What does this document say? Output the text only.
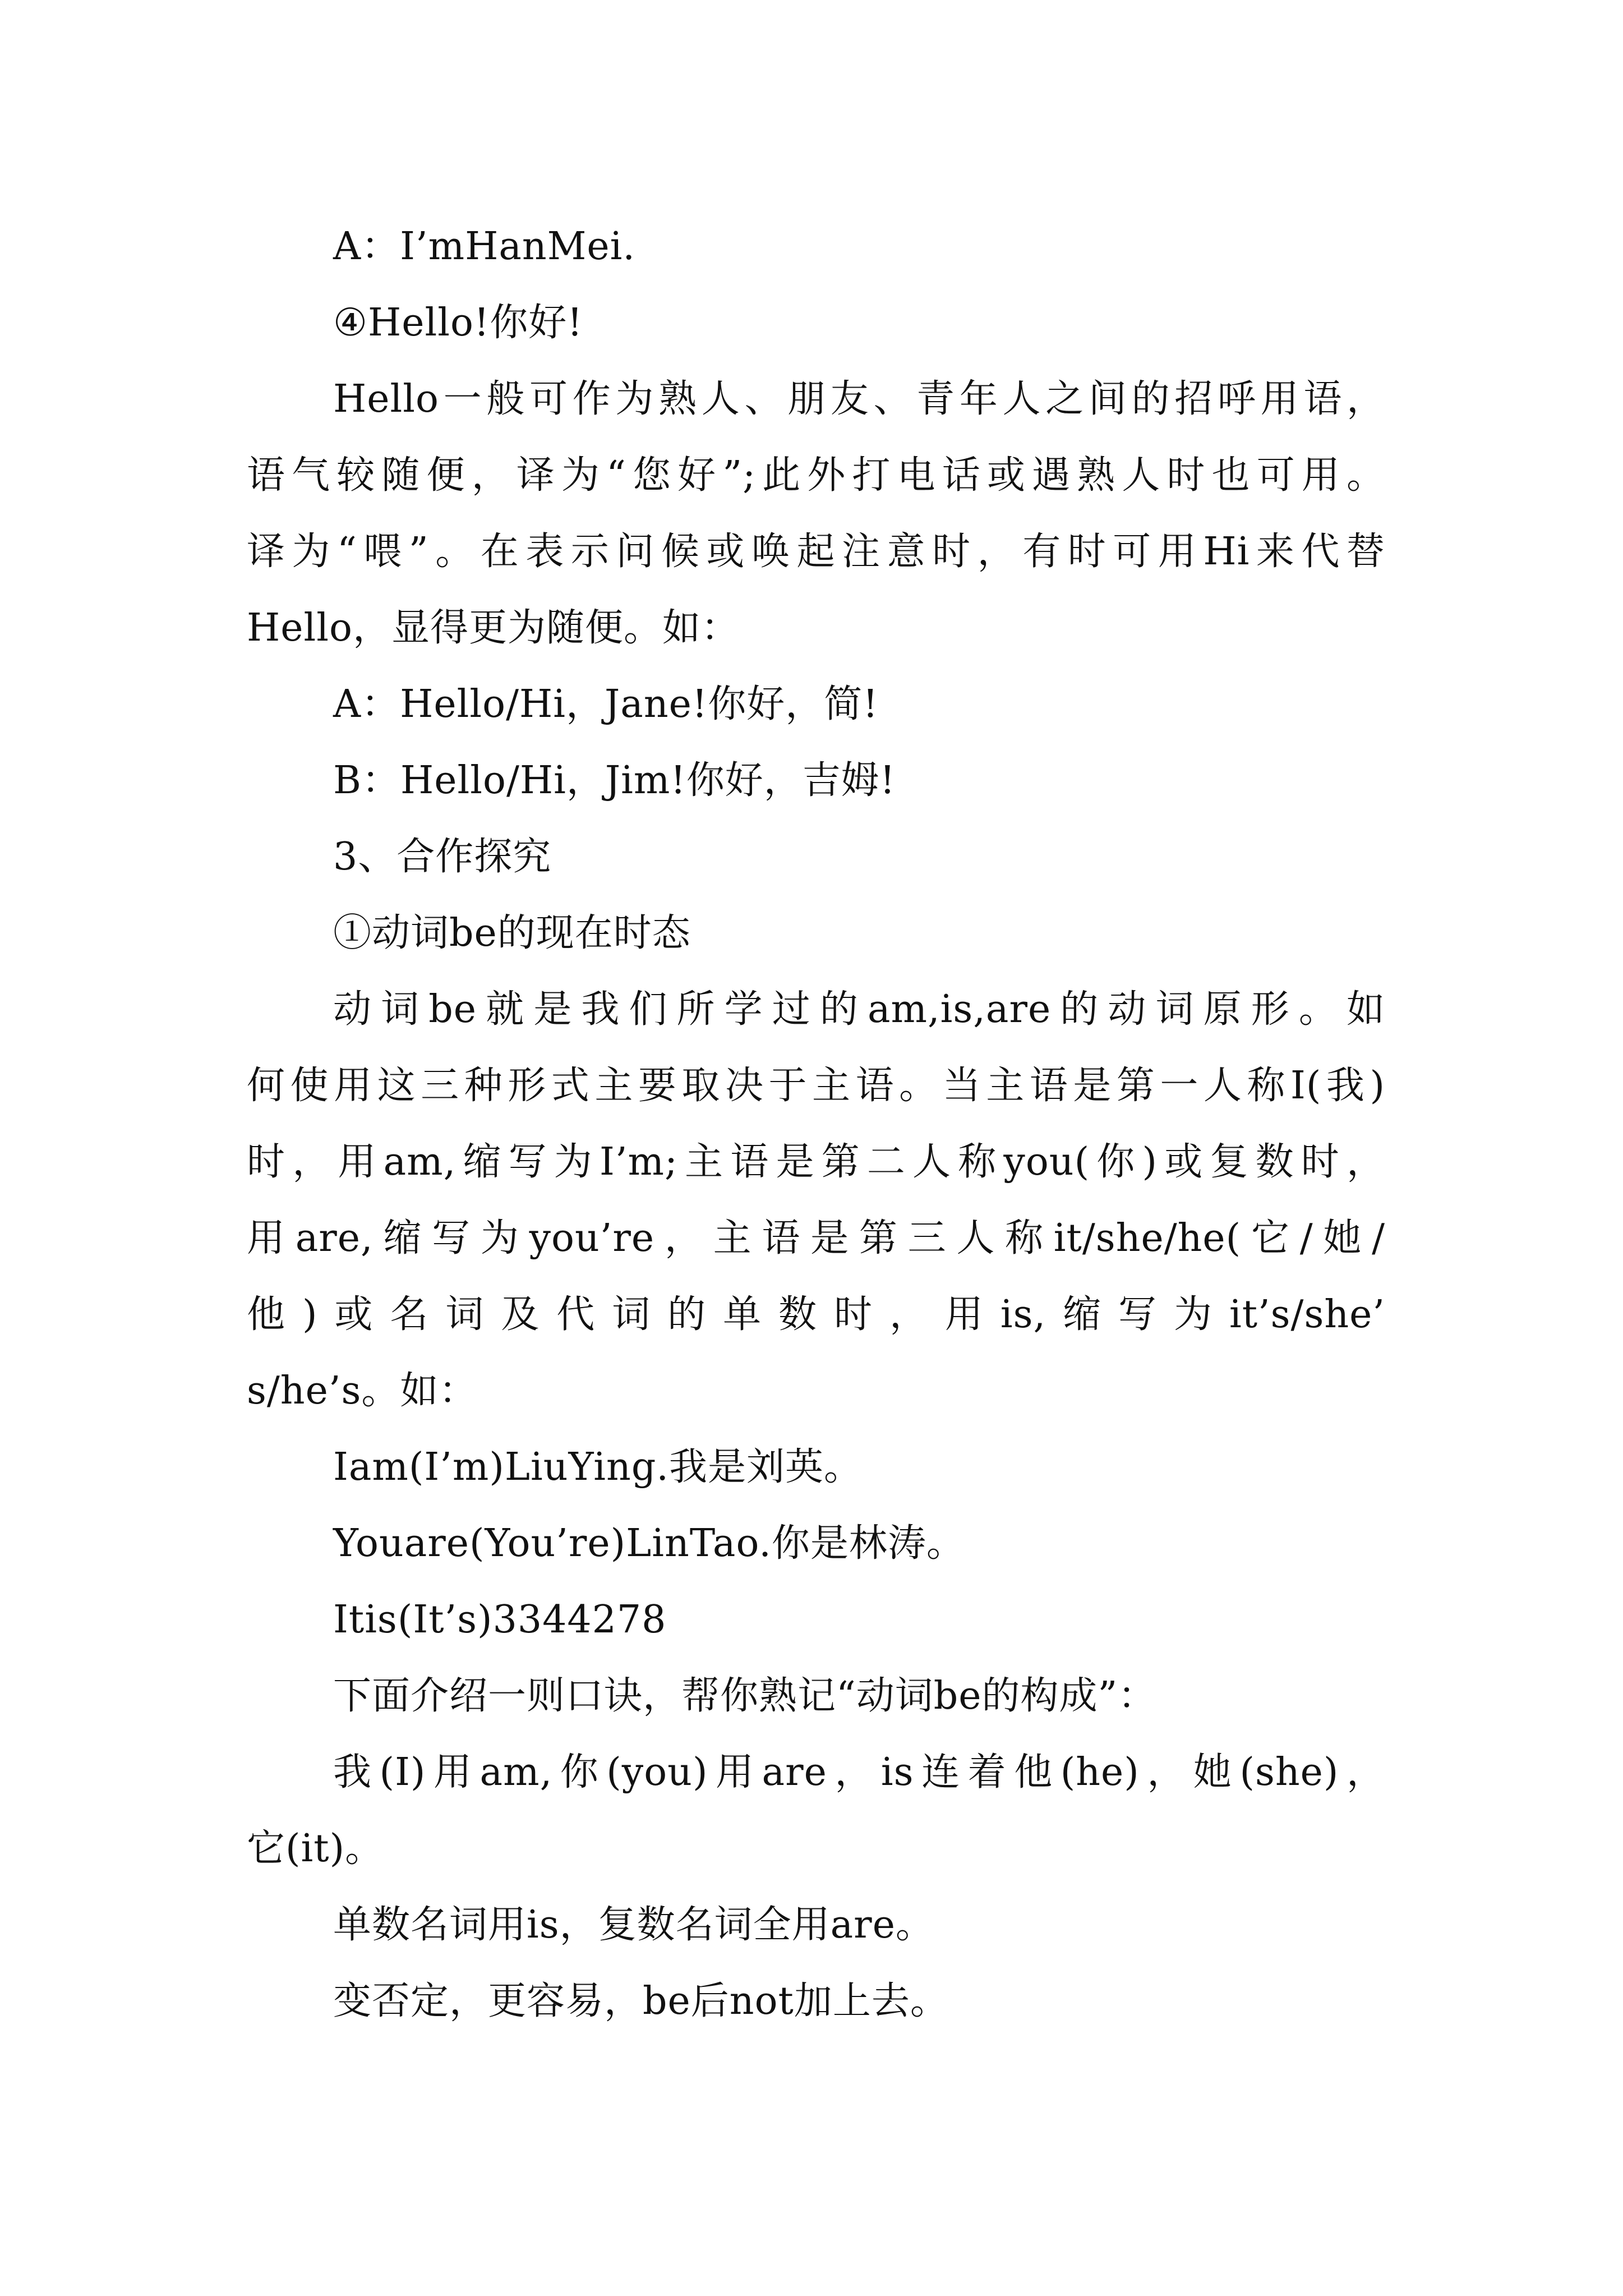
A：I’mHanMei.
④Hello!你好!
Hello一般可作为熟人、朋友、青年人之间的招呼用语，
语气较随便，译为“您好”;此外打电话或遇熟人时也可用。
译为“喂”。在表示问候或唤起注意时，有时可用Hi来代替
Hello，显得更为随便。如：
A：Hello/Hi，Jane!你好，简!
B：Hello/Hi，Jim!你好，吉姆!
3、合作探究
①动词be的现在时态
动词be就是我们所学过的am,is,are的动词原形。如
何使用这三种形式主要取决于主语。当主语是第一人称I(我)
时，用am,缩写为I’m;主语是第二人称you(你)或复数时，
用are,缩写为you’re，主语是第三人称it/she/he(它/她/
他)或名词及代词的单数时，用is,缩写为it’s/she’
s/he’s。如：
Iam(I’m)LiuYing.我是刘英。
Youare(You’re)LinTao.你是林涛。
Itis(It’s)3344278
下面介绍一则口诀，帮你熟记“动词be的构成”：
我(I)用am,你(you)用are，is连着他(he)，她(she)，
它(it)。
单数名词用is，复数名词全用are。
变否定，更容易，be后not加上去。
